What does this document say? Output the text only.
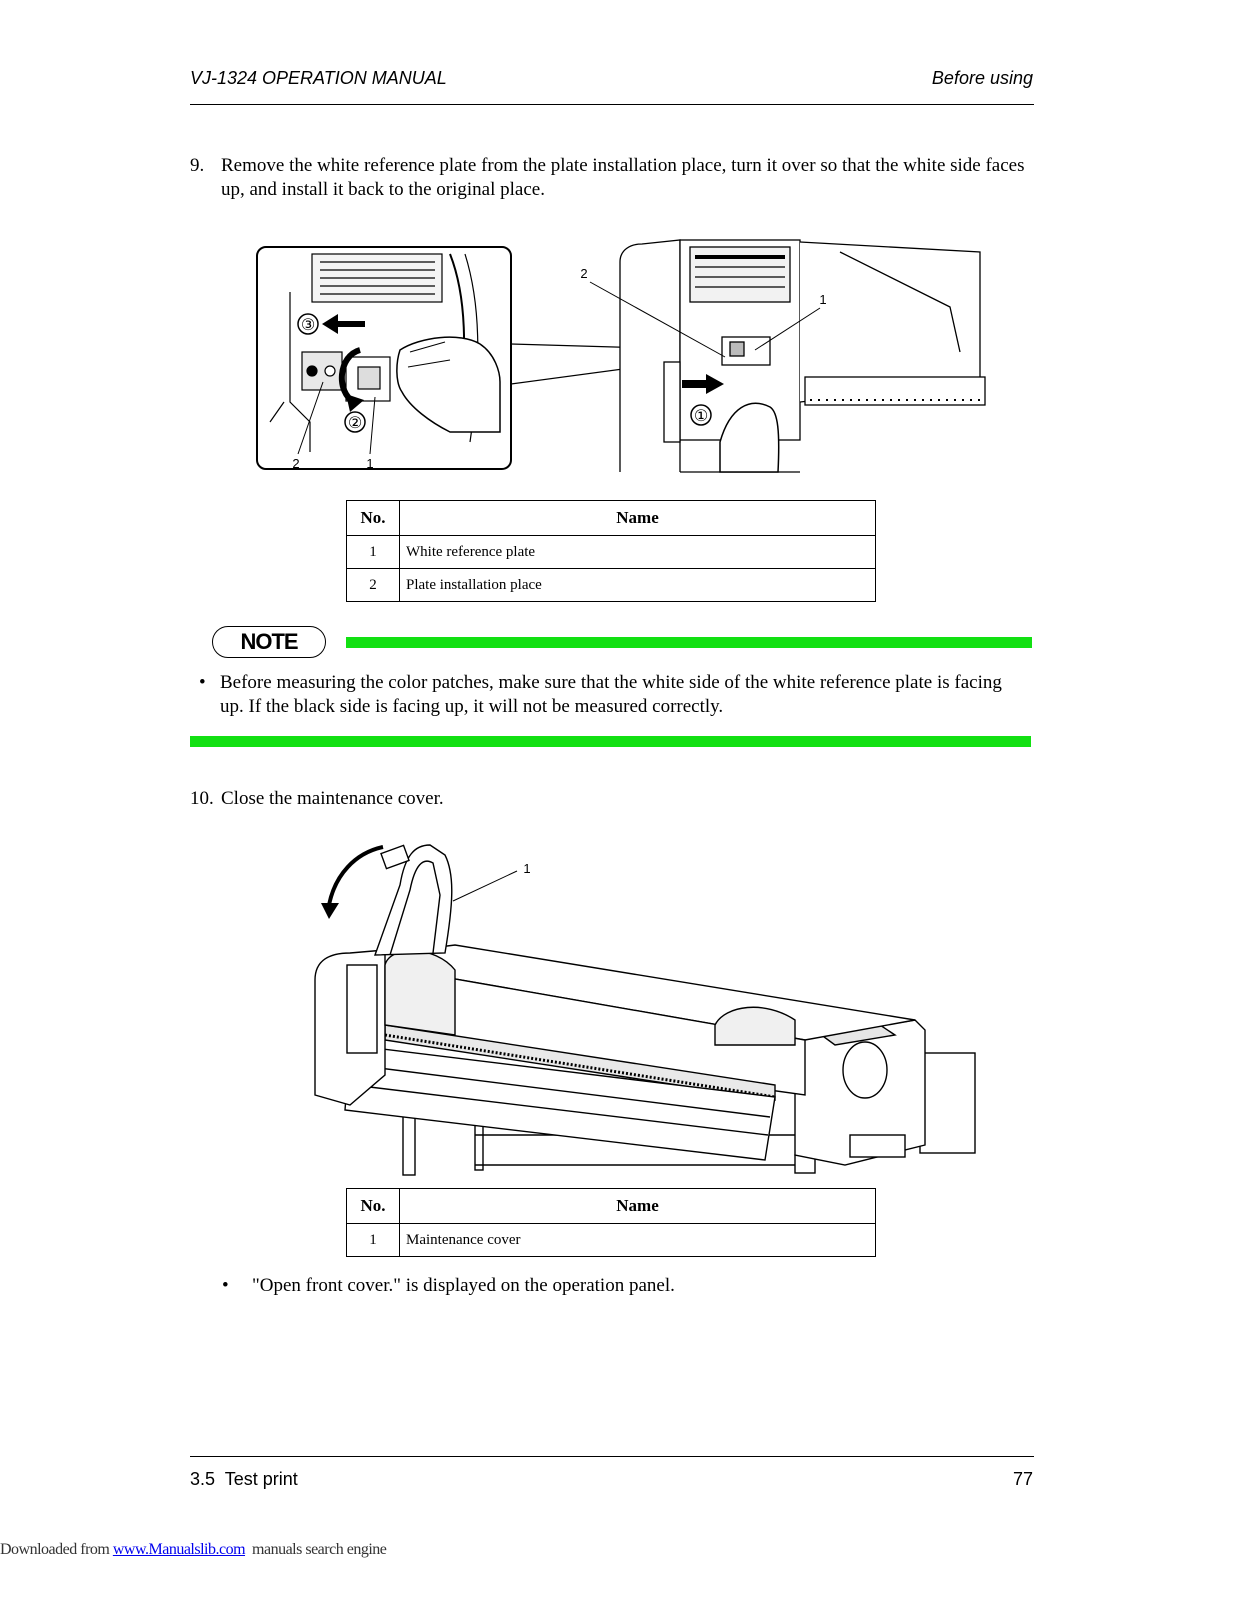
VJ-1324 OPERATION MANUAL	Before using
9. Remove the white reference plate from the plate installation place, turn it over so that the white side faces up, and install it back to the original place.
③
②
2	1
①
2
1
No.	Name
1	White reference plate
2	Plate installation place
NOTE
• Before measuring the color patches, make sure that the white side of the white reference plate is facing up. If the black side is facing up, it will not be measured correctly.
10. Close the maintenance cover.
1
No.	Name
1	Maintenance cover
• "Open front cover." is displayed on the operation panel.
3.5  Test print	77
Downloaded from www.Manualslib.com  manuals search engine
